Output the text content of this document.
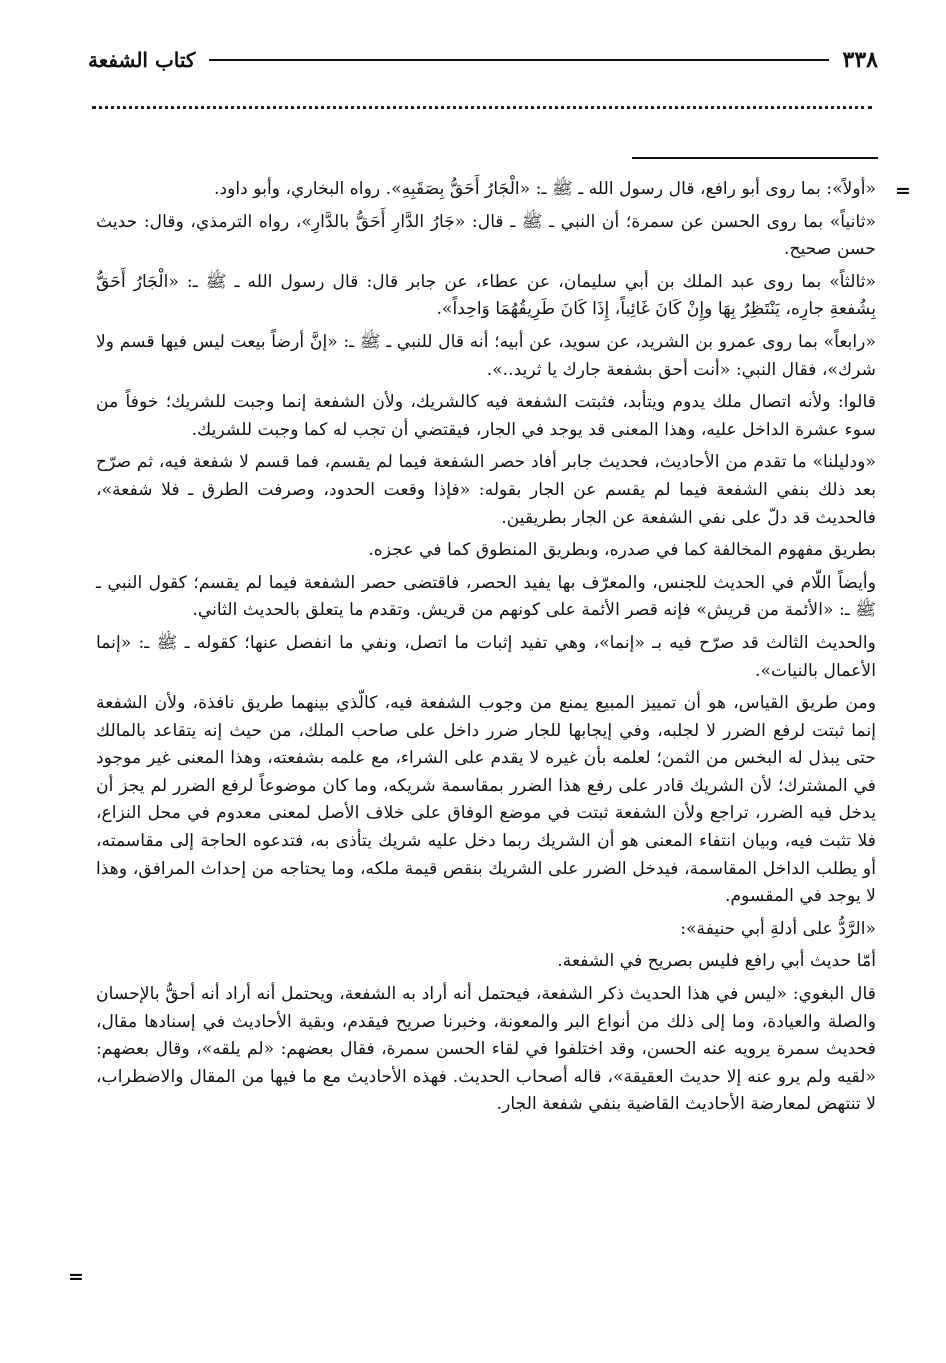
كتاب الشفعة	٣٣٨
=

«أولاً»: بما روى أبو رافع، قال رسول الله ـ ﷺ ـ: «الْجَارُ أَحَقُّ بِصَقَبِهِ». رواه البخاري، وأبو داود.

«ثانياً» بما روى الحسن عن سمرة؛ أن النبي ـ ﷺ ـ قال: «جَارُ الدَّارِ أَحَقُّ بالدَّارِ»، رواه الترمذي، وقال: حديث حسن صحيح.

«ثالثاً» بما روى عبد الملك بن أبي سليمان، عن عطاء، عن جابر قال: قال رسول الله ـ ﷺ ـ: «الْجَارُ أَحَقُّ بِشُفعةِ جارِه، يَنْتَظِرُ بِهَا وإِنْ كَانَ غَائِباً، إِذَا كَانَ طَرِيقُهُمَا وَاحِداً».

«رابعاً» بما روى عمرو بن الشريد، عن سويد، عن أبيه؛ أنه قال للنبي ـ ﷺ ـ: «إنَّ أرضاً بيعت ليس فيها قسم ولا شرك»، فقال النبي: «أنت أحق بشفعة جارك يا ثريد..».

قالوا: ولأنه اتصال ملك يدوم ويتأبد، فثبتت الشفعة فيه كالشريك، ولأن الشفعة إنما وجبت للشريك؛ خوفاً من سوء عشرة الداخل عليه، وهذا المعنى قد يوجد في الجار، فيقتضي أن تجب له كما وجبت للشريك.

«ودليلنا» ما تقدم من الأحاديث، فحديث جابر أفاد حصر الشفعة فيما لم يقسم، فما قسم لا شفعة فيه، ثم صرّح بعد ذلك بنفي الشفعة فيما لم يقسم عن الجار بقوله: «فإذا وقعت الحدود، وصرفت الطرق ـ فلا شفعة»، فالحديث قد دلّ على نفي الشفعة عن الجار بطريقين.

بطريق مفهوم المخالفة كما في صدره، وبطريق المنطوق كما في عجزه.

وأيضاً اللّام في الحديث للجنس، والمعرّف بها يفيد الحصر، فاقتضى حصر الشفعة فيما لم يقسم؛ كقول النبي ـ ﷺ ـ: «الأئمة من قريش» فإنه قصر الأئمة على كونهم من قريش. وتقدم ما يتعلق بالحديث الثاني.

والحديث الثالث قد صرّح فيه بـ «إنما»، وهي تفيد إثبات ما اتصل، ونفي ما انفصل عنها؛ كقوله ـ ﷺ ـ: «إنما الأعمال بالنيات».

ومن طريق القياس، هو أن تمييز المبيع يمنع من وجوب الشفعة فيه، كالّذي بينهما طريق نافذة، ولأن الشفعة إنما ثبتت لرفع الضرر لا لجلبه، وفي إيجابها للجار ضرر داخل على صاحب الملك، من حيث إنه يتقاعد بالمالك حتى يبذل له البخس من الثمن؛ لعلمه بأن غيره لا يقدم على الشراء، مع علمه بشفعته، وهذا المعنى غير موجود في المشترك؛ لأن الشريك قادر على رفع هذا الضرر بمقاسمة شريكه، وما كان موضوعاً لرفع الضرر لم يجز أن يدخل فيه الضرر، تراجع ولأن الشفعة ثبتت في موضع الوفاق على خلاف الأصل لمعنى معدوم في محل النزاع، فلا تثبت فيه، وبيان انتفاء المعنى هو أن الشريك ربما دخل عليه شريك يتأذى به، فتدعوه الحاجة إلى مقاسمته، أو يطلب الداخل المقاسمة، فيدخل الضرر على الشريك بنقص قيمة ملكه، وما يحتاجه من إحداث المرافق، وهذا لا يوجد في المقسوم.

«الرَّدُّ على أدلةِ أبي حنيفة»:

أمّا حديث أبي رافع فليس بصريح في الشفعة.

قال البغوي: «ليس في هذا الحديث ذكر الشفعة، فيحتمل أنه أراد به الشفعة، ويحتمل أنه أراد أنه أحقُّ بالإحسان والصلة والعيادة، وما إلى ذلك من أنواع البر والمعونة، وخبرنا صريح فيقدم، وبقية الأحاديث في إسنادها مقال، فحديث سمرة يرويه عنه الحسن، وقد اختلفوا في لقاء الحسن سمرة، فقال بعضهم: «لم يلقه»، وقال بعضهم: «لقيه ولم يرو عنه إلا حديث العقيقة»، قاله أصحاب الحديث. فهذه الأحاديث مع ما فيها من المقال والاضطراب، لا تنتهض لمعارضة الأحاديث القاضية بنفي شفعة الجار.

=
